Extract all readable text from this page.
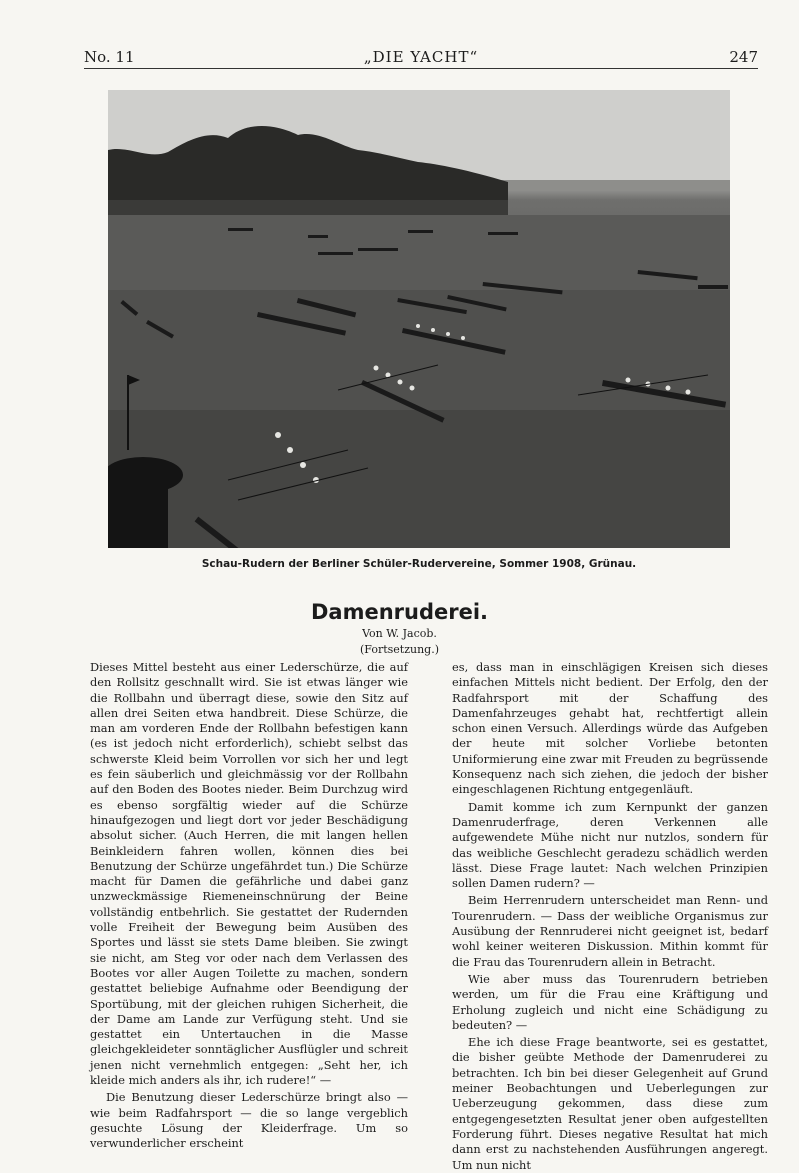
No. 11	„DIE YACHT“	247
Schau-Rudern der Berliner Schüler-Rudervereine, Sommer 1908, Grünau.
Damenruderei.
Von W. Jacob.
(Fortsetzung.)

Dieses Mittel besteht aus einer Lederschürze, die auf den Rollsitz geschnallt wird. Sie ist etwas länger wie die Rollbahn und überragt diese, sowie den Sitz auf allen drei Seiten etwa handbreit. Diese Schürze, die man am vorderen Ende der Rollbahn befestigen kann (es ist jedoch nicht erforderlich), schiebt selbst das schwerste Kleid beim Vorrollen vor sich her und legt es fein säuberlich und gleichmässig vor der Rollbahn auf den Boden des Bootes nieder. Beim Durchzug wird es ebenso sorgfältig wieder auf die Schürze hinaufgezogen und liegt dort vor jeder Beschädigung absolut sicher. (Auch Herren, die mit langen hellen Beinkleidern fahren wollen, können dies bei Benutzung der Schürze ungefährdet tun.) Die Schürze macht für Damen die gefährliche und dabei ganz unzweckmässige Riemeneinschnürung der Beine vollständig entbehrlich. Sie gestattet der Rudernden volle Freiheit der Bewegung beim Ausüben des Sportes und lässt sie stets Dame bleiben. Sie zwingt sie nicht, am Steg vor oder nach dem Verlassen des Bootes vor aller Augen Toilette zu machen, sondern gestattet beliebige Aufnahme oder Beendigung der Sportübung, mit der gleichen ruhigen Sicherheit, die der Dame am Lande zur Verfügung steht. Und sie gestattet ein Untertauchen in die Masse gleichgekleideter sonntäglicher Ausflügler und schreit jenen nicht vernehmlich entgegen: „Seht her, ich kleide mich anders als ihr, ich rudere!“ —

Die Benutzung dieser Lederschürze bringt also — wie beim Radfahrsport — die so lange vergeblich gesuchte Lösung der Kleiderfrage. Um so verwunderlicher erscheint

es, dass man in einschlägigen Kreisen sich dieses einfachen Mittels nicht bedient. Der Erfolg, den der Radfahrsport mit der Schaffung des Damenfahrzeuges gehabt hat, rechtfertigt allein schon einen Versuch. Allerdings würde das Aufgeben der heute mit solcher Vorliebe betonten Uniformierung eine zwar mit Freuden zu begrüssende Konsequenz nach sich ziehen, die jedoch der bisher eingeschlagenen Richtung entgegenläuft.

Damit komme ich zum Kernpunkt der ganzen Damenruderfrage, deren Verkennen alle aufgewendete Mühe nicht nur nutzlos, sondern für das weibliche Geschlecht geradezu schädlich werden lässt. Diese Frage lautet: Nach welchen Prinzipien sollen Damen rudern? —

Beim Herrenrudern unterscheidet man Renn- und Tourenrudern. — Dass der weibliche Organismus zur Ausübung der Rennruderei nicht geeignet ist, bedarf wohl keiner weiteren Diskussion. Mithin kommt für die Frau das Tourenrudern allein in Betracht.

Wie aber muss das Tourenrudern betrieben werden, um für die Frau eine Kräftigung und Erholung zugleich und nicht eine Schädigung zu bedeuten? —

Ehe ich diese Frage beantworte, sei es gestattet, die bisher geübte Methode der Damenruderei zu betrachten. Ich bin bei dieser Gelegenheit auf Grund meiner Beobachtungen und Ueberlegungen zur Ueberzeugung gekommen, dass diese zum entgegengesetzten Resultat jener oben aufgestellten Forderung führt. Dieses negative Resultat hat mich dann erst zu nachstehenden Ausführungen angeregt. Um nun nicht
